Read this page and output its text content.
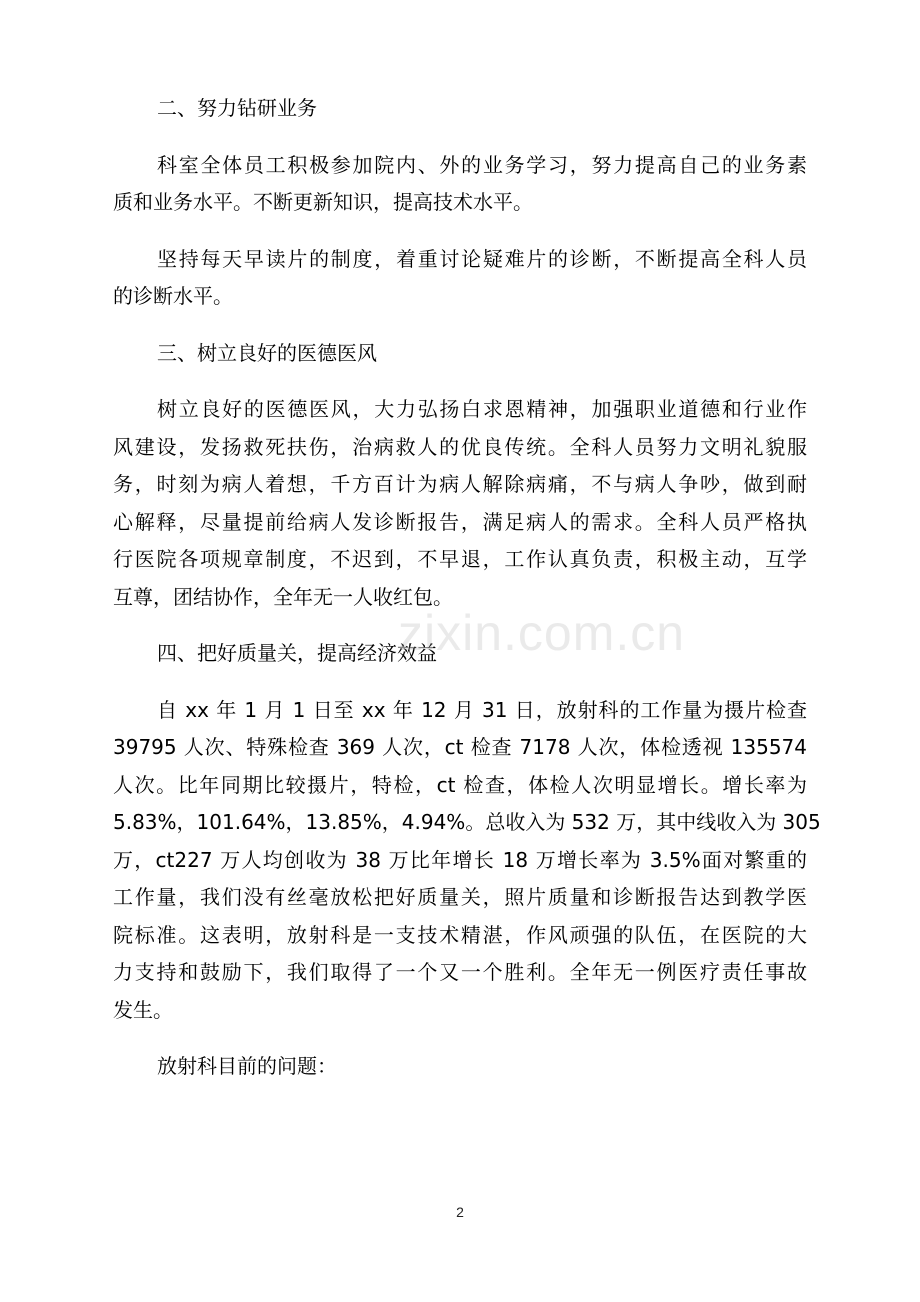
二、努力钻研业务
科室全体员工积极参加院内、外的业务学习，努力提高自己的业务素
质和业务水平。不断更新知识，提高技术水平。
坚持每天早读片的制度，着重讨论疑难片的诊断，不断提高全科人员
的诊断水平。
三、树立良好的医德医风
树立良好的医德医风，大力弘扬白求恩精神，加强职业道德和行业作
风建设，发扬救死扶伤，治病救人的优良传统。全科人员努力文明礼貌服
务，时刻为病人着想，千方百计为病人解除病痛，不与病人争吵，做到耐
心解释，尽量提前给病人发诊断报告，满足病人的需求。全科人员严格执
行医院各项规章制度，不迟到，不早退，工作认真负责，积极主动，互学
互尊，团结协作，全年无一人收红包。
四、把好质量关，提高经济效益
自 xx 年 1 月 1 日至 xx 年 12 月 31 日，放射科的工作量为摄片检查
39795 人次、特殊检查 369 人次，ct 检查 7178 人次，体检透视 135574
人次。比年同期比较摄片，特检，ct 检查，体检人次明显增长。增长率为
5.83%，101.64%，13.85%，4.94%。总收入为 532 万，其中线收入为 305
万，ct227 万人均创收为 38 万比年增长 18 万增长率为 3.5%面对繁重的
工作量，我们没有丝毫放松把好质量关，照片质量和诊断报告达到教学医
院标准。这表明，放射科是一支技术精湛，作风顽强的队伍，在医院的大
力支持和鼓励下，我们取得了一个又一个胜利。全年无一例医疗责任事故
发生。
放射科目前的问题：
zixin.com.cn
2
